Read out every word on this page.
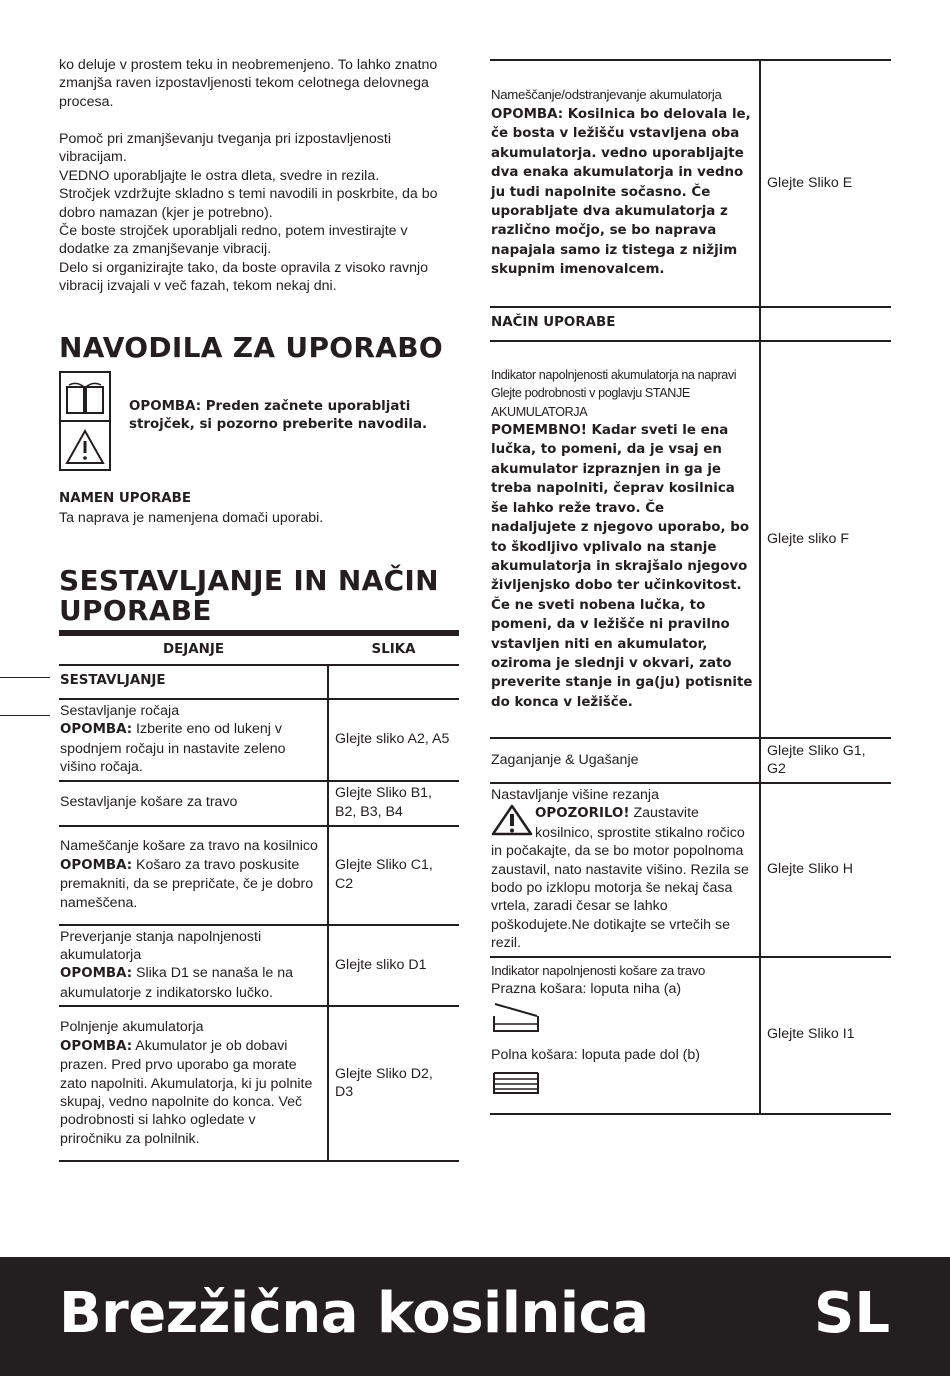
ko deluje v prostem teku in neobremenjeno. To lahko znatno zmanjša raven izpostavljenosti tekom celotnega delovnega procesa.

Pomoč pri zmanjševanju tveganja pri izpostavljenosti vibracijam.

VEDNO uporabljajte le ostra dleta, svedre in rezila.

Stročjek vzdržujte skladno s temi navodili in poskrbite, da bo dobro namazan (kjer je potrebno).

Če boste strojček uporabljali redno, potem investirajte v dodatke za zmanjševanje vibracij.

Delo si organizirajte tako, da boste opravila z visoko ravnjo vibracij izvajali v več fazah, tekom nekaj dni.

NAVODILA ZA UPORABO

OPOMBA: Preden začnete uporabljati strojček, si pozorno preberite navodila.

NAMEN UPORABE

Ta naprava je namenjena domači uporabi.

SESTAVLJANJE IN NAČIN
UPORABE
DEJANJE	SLIKA
SESTAVLJANJE	
Sestavljanje ročaja
OPOMBA: Izberite eno od lukenj v spodnjem ročaju in nastavite zeleno višino ročaja.	Glejte sliko A2, A5
Sestavljanje košare za travo	Glejte Sliko B1, B2, B3, B4
Nameščanje košare za travo na kosilnico
OPOMBA: Košaro za travo poskusite premakniti, da se prepričate, če je dobro nameščena.	Glejte Sliko C1, C2
Preverjanje stanja napolnjenosti akumulatorja
OPOMBA: Slika D1 se nanaša le na akumulatorje z indikatorsko lučko.	Glejte sliko D1
Polnjenje akumulatorja
OPOMBA: Akumulator je ob dobavi prazen. Pred prvo uporabo ga morate zato napolniti. Akumulatorja, ki ju polnite skupaj, vedno napolnite do konca. Več podrobnosti si lahko ogledate v priročniku za polnilnik.	Glejte Sliko D2, D3
Nameščanje/odstranjevanje akumulatorja
OPOMBA: Kosilnica bo delovala le, če bosta v ležišču vstavljena oba akumulatorja. vedno uporabljajte dva enaka akumulatorja in vedno ju tudi napolnite sočasno. Če uporabljate dva akumulatorja z različno močjo, se bo naprava napajala samo iz tistega z nižjim skupnim imenovalcem.	Glejte Sliko E
NAČIN UPORABE	
Indikator napolnjenosti akumulatorja na napravi Glejte podrobnosti v poglavju STANJE AKUMULATORJA
POMEMBNO! Kadar sveti le ena lučka, to pomeni, da je vsaj en akumulator izpraznjen in ga je treba napolniti, čeprav kosilnica še lahko reže travo. Če nadaljujete z njegovo uporabo, bo to škodljivo vplivalo na stanje akumulatorja in skrajšalo njegovo življenjsko dobo ter učinkovitost. Če ne sveti nobena lučka, to pomeni, da v ležišče ni pravilno vstavljen niti en akumulator, oziroma je slednji v okvari, zato preverite stanje in ga(ju) potisnite do konca v ležišče.	Glejte sliko F
Zaganjanje & Ugašanje	Glejte Sliko G1, G2
Nastavljanje višine rezanja

OPOZORILO! Zaustavite kosilnico, sprostite stikalno ročico in počakajte, da se bo motor popolnoma zaustavil, nato nastavite višino. Rezila se bodo po izklopu motorja še nekaj časa vrtela, zaradi česar se lahko poškodujete.Ne dotikajte se vrtečih se rezil.	Glejte Sliko H
Indikator napolnjenosti košare za travo
Prazna košara: loputa niha (a)

Polna košara: loputa pade dol (b)	Glejte Sliko I1
Brezžična kosilnica	SL
